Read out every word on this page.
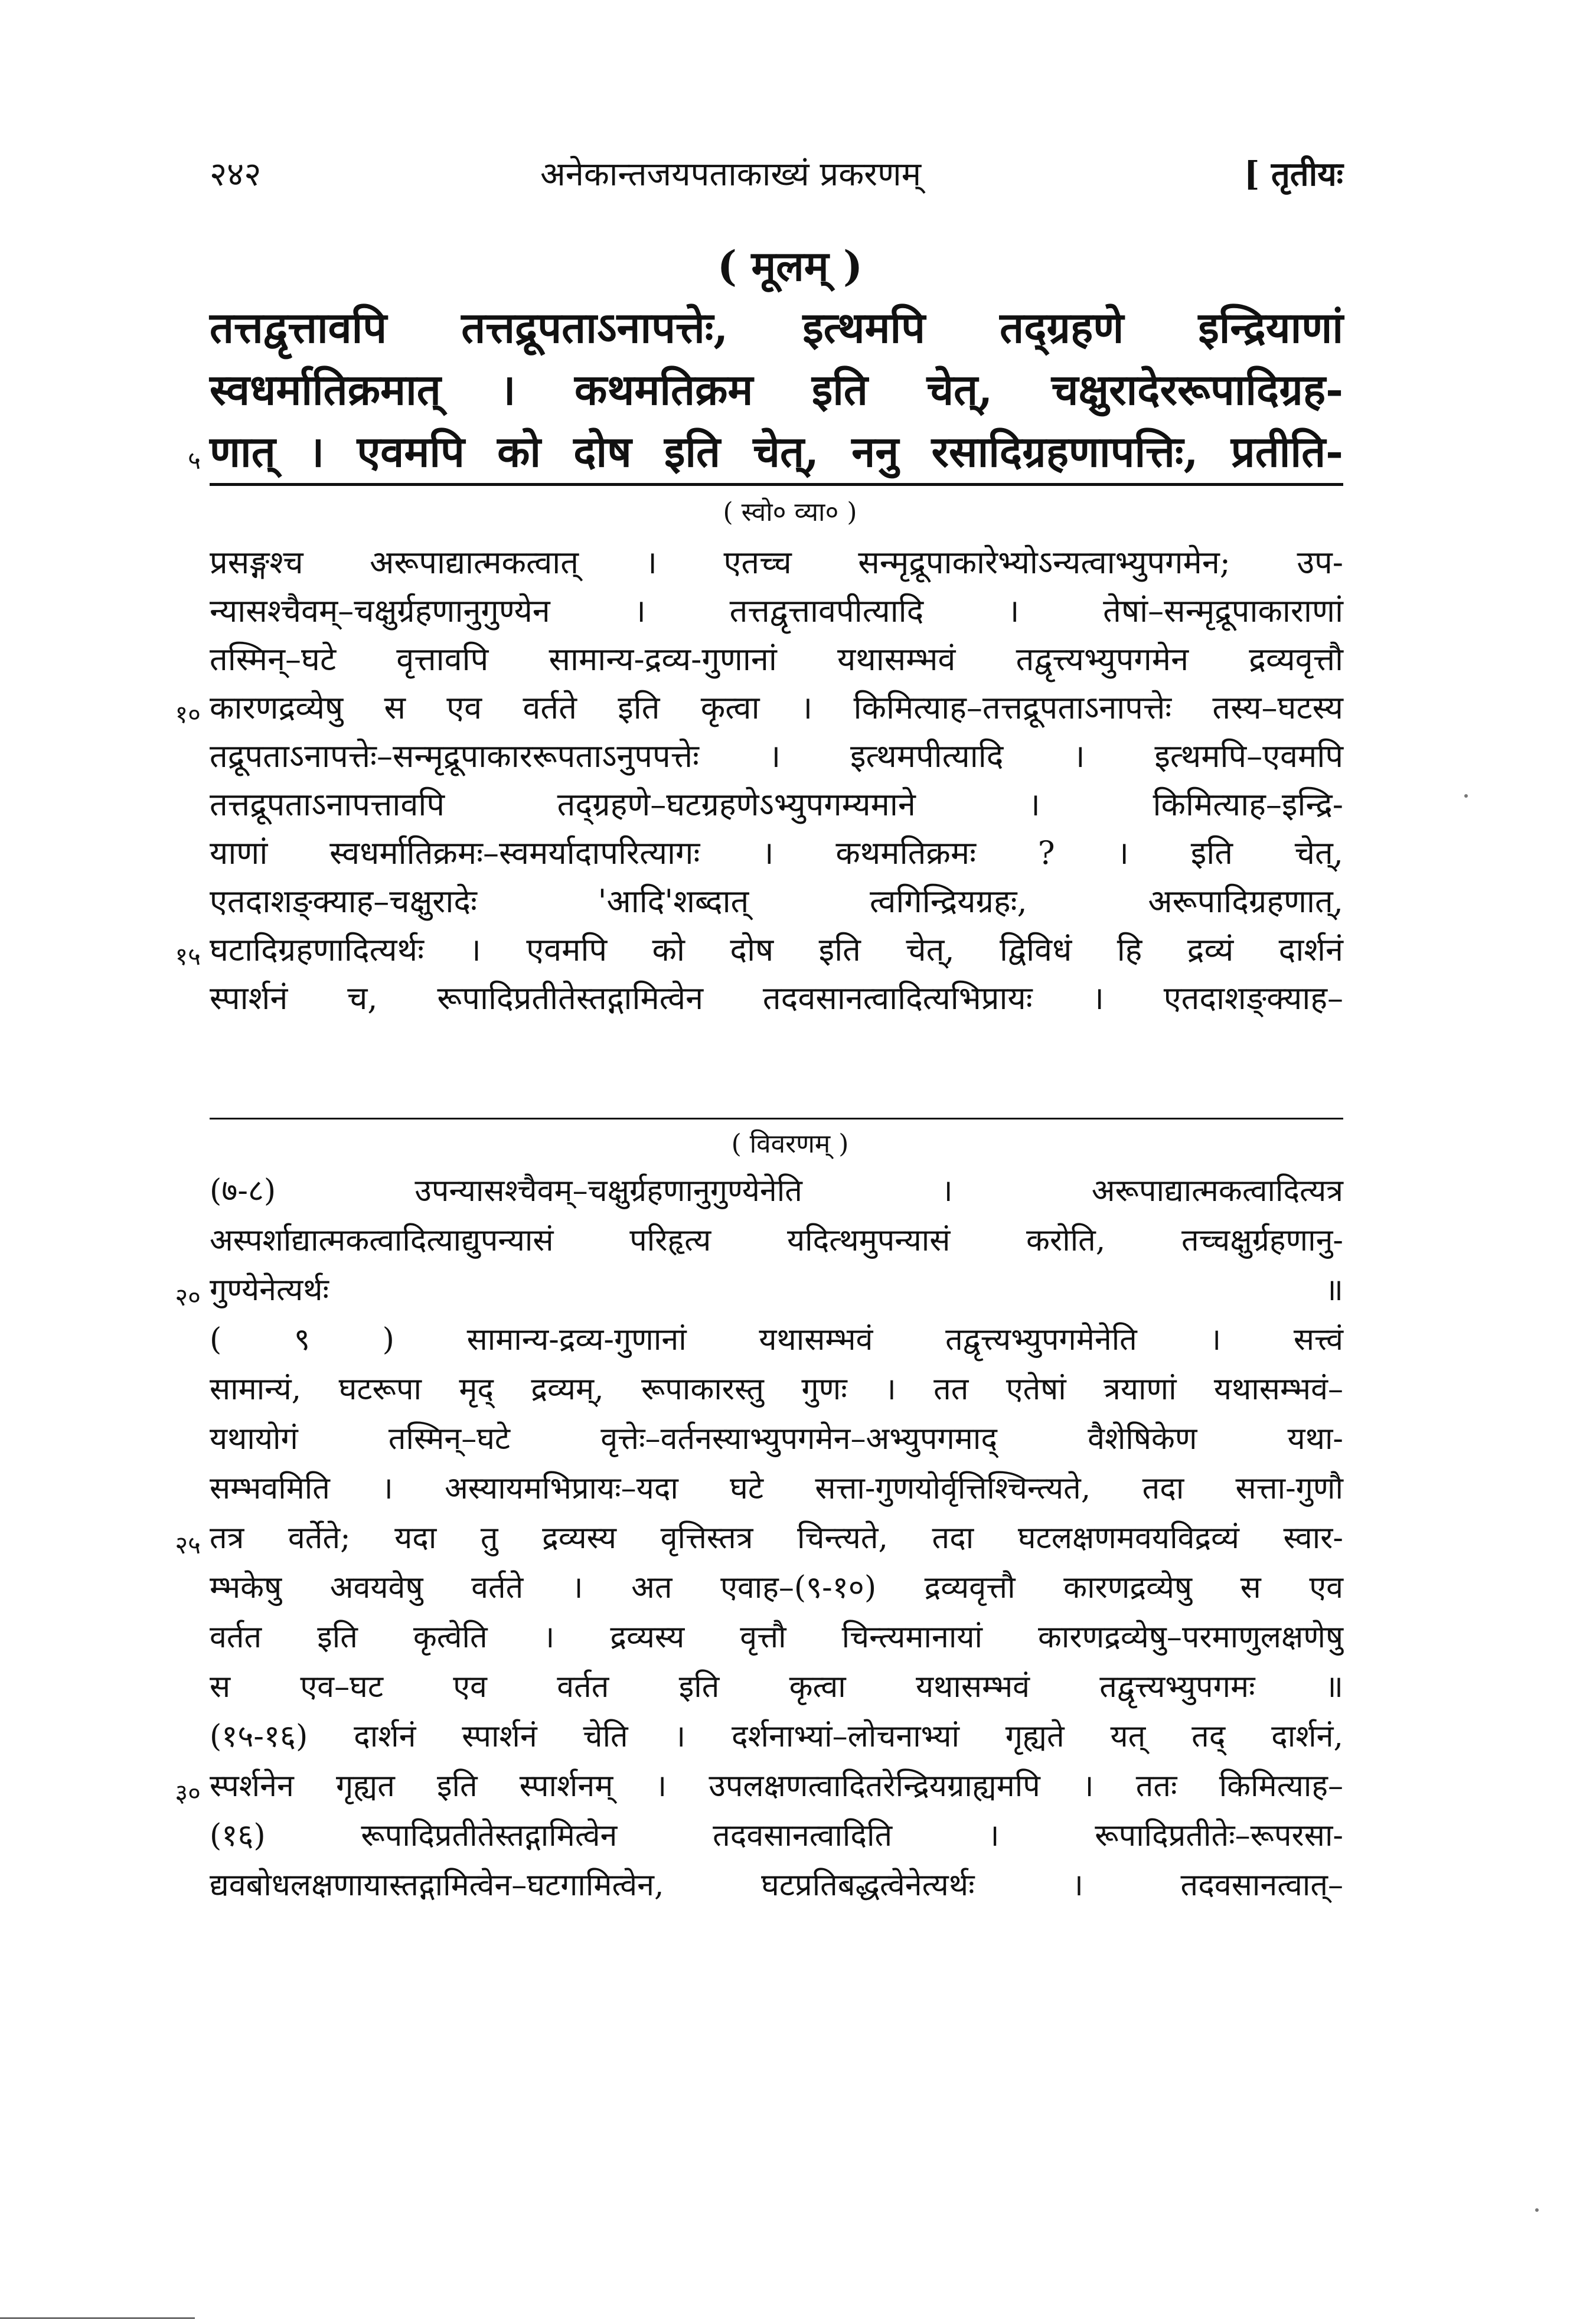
२४२	अनेकान्तजयपताकाख्यं प्रकरणम्	[ तृतीयः
( मूलम् )
तत्तद्वृत्तावपि तत्तद्रूपताऽनापत्तेः, इत्थमपि तद्ग्रहणे इन्द्रियाणां
स्वधर्मातिक्रमात् । कथमतिक्रम इति चेत्, चक्षुरादेररूपादिग्रह-
णात् । एवमपि को दोष इति चेत्, ननु रसादिग्रहणापत्तिः, प्रतीति-
५
( स्वो० व्या० )
प्रसङ्गश्च अरूपाद्यात्मकत्वात् । एतच्च सन्मृद्रूपाकारेभ्योऽन्यत्वाभ्युपगमेन; उप-
न्यासश्चैवम्–चक्षुर्ग्रहणानुगुण्येन । तत्तद्वृत्तावपीत्यादि । तेषां–सन्मृद्रूपाकाराणां
तस्मिन्–घटे वृत्तावपि सामान्य-द्रव्य-गुणानां यथासम्भवं तद्वृत्त्यभ्युपगमेन द्रव्यवृत्तौ
कारणद्रव्येषु स एव वर्तते इति कृत्वा । किमित्याह–तत्तद्रूपताऽनापत्तेः तस्य–घटस्य
१०
तद्रूपताऽनापत्तेः–सन्मृद्रूपाकाररूपताऽनुपपत्तेः । इत्थमपीत्यादि । इत्थमपि–एवमपि
तत्तद्रूपताऽनापत्तावपि तद्ग्रहणे–घटग्रहणेऽभ्युपगम्यमाने । किमित्याह–इन्द्रि-
याणां स्वधर्मातिक्रमः–स्वमर्यादापरित्यागः । कथमतिक्रमः ? । इति चेत्,
एतदाशङ्क्याह–चक्षुरादेः 'आदि'शब्दात् त्वगिन्द्रियग्रहः, अरूपादिग्रहणात्,
घटादिग्रहणादित्यर्थः । एवमपि को दोष इति चेत्, द्विविधं हि द्रव्यं दार्शनं
१५
स्पार्शनं च, रूपादिप्रतीतेस्तद्गामित्वेन तदवसानत्वादित्यभिप्रायः । एतदाशङ्क्याह–
( विवरणम् )
(७-८) उपन्यासश्चैवम्–चक्षुर्ग्रहणानुगुण्येनेति । अरूपाद्यात्मकत्वादित्यत्र
अस्पर्शाद्यात्मकत्वादित्याद्युपन्यासं परिहृत्य यदित्थमुपन्यासं करोति, तच्चक्षुर्ग्रहणानु-
गुण्येनेत्यर्थः ॥
२०
( ९ ) सामान्य-द्रव्य-गुणानां यथासम्भवं तद्वृत्त्यभ्युपगमेनेति । सत्त्वं
सामान्यं, घटरूपा मृद् द्रव्यम्, रूपाकारस्तु गुणः । तत एतेषां त्रयाणां यथासम्भवं–
यथायोगं तस्मिन्–घटे वृत्तेः–वर्तनस्याभ्युपगमेन–अभ्युपगमाद् वैशेषिकेण यथा-
सम्भवमिति । अस्यायमभिप्रायः–यदा घटे सत्ता-गुणयोर्वृत्तिश्चिन्त्यते, तदा सत्ता-गुणौ
तत्र वर्तेते; यदा तु द्रव्यस्य वृत्तिस्तत्र चिन्त्यते, तदा घटलक्षणमवयविद्रव्यं स्वार-
२५
म्भकेषु अवयवेषु वर्तते । अत एवाह–(९-१०) द्रव्यवृत्तौ कारणद्रव्येषु स एव
वर्तत इति कृत्वेति । द्रव्यस्य वृत्तौ चिन्त्यमानायां कारणद्रव्येषु–परमाणुलक्षणेषु
स एव–घट एव वर्तत इति कृत्वा यथासम्भवं तद्वृत्त्यभ्युपगमः ॥
(१५-१६) दार्शनं स्पार्शनं चेति । दर्शनाभ्यां–लोचनाभ्यां गृह्यते यत् तद् दार्शनं,
स्पर्शनेन गृह्यत इति स्पार्शनम् । उपलक्षणत्वादितरेन्द्रियग्राह्यमपि । ततः किमित्याह–
३०
(१६) रूपादिप्रतीतेस्तद्गामित्वेन तदवसानत्वादिति । रूपादिप्रतीतेः–रूपरसा-
द्यवबोधलक्षणायास्तद्गामित्वेन–घटगामित्वेन, घटप्रतिबद्धत्वेनेत्यर्थः । तदवसानत्वात्–
